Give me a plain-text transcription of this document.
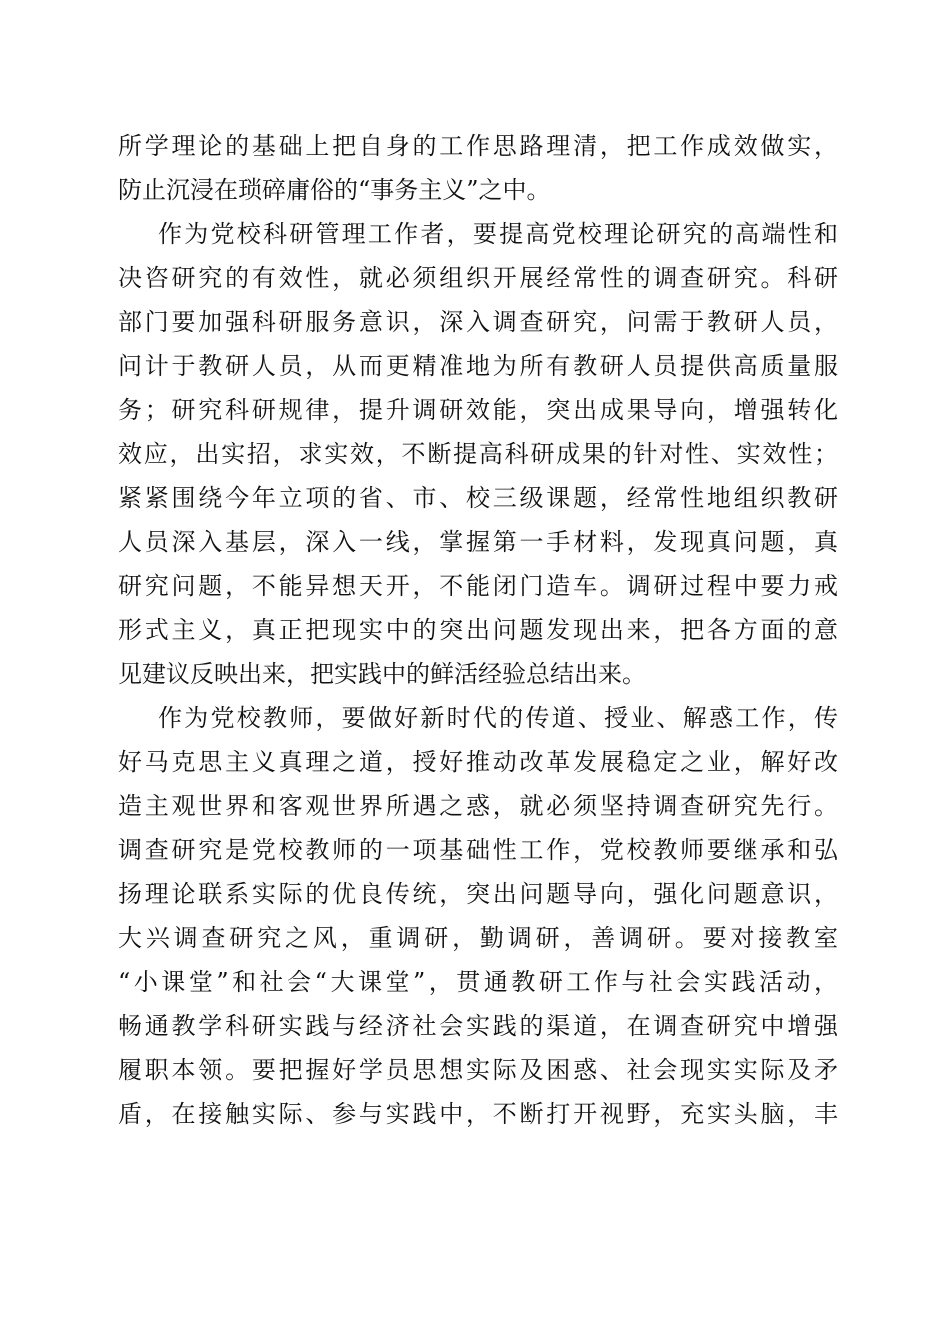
所学理论的基础上把自身的工作思路理清，把工作成效做实，
防止沉浸在琐碎庸俗的“事务主义”之中。
作为党校科研管理工作者，要提高党校理论研究的高端性和
决咨研究的有效性，就必须组织开展经常性的调查研究。科研
部门要加强科研服务意识，深入调查研究，问需于教研人员，
问计于教研人员，从而更精准地为所有教研人员提供高质量服
务；研究科研规律，提升调研效能，突出成果导向，增强转化
效应，出实招，求实效，不断提高科研成果的针对性、实效性；
紧紧围绕今年立项的省、市、校三级课题，经常性地组织教研
人员深入基层，深入一线，掌握第一手材料，发现真问题，真
研究问题，不能异想天开，不能闭门造车。调研过程中要力戒
形式主义，真正把现实中的突出问题发现出来，把各方面的意
见建议反映出来，把实践中的鲜活经验总结出来。
作为党校教师，要做好新时代的传道、授业、解惑工作，传
好马克思主义真理之道，授好推动改革发展稳定之业，解好改
造主观世界和客观世界所遇之惑，就必须坚持调查研究先行。
调查研究是党校教师的一项基础性工作，党校教师要继承和弘
扬理论联系实际的优良传统，突出问题导向，强化问题意识，
大兴调查研究之风，重调研，勤调研，善调研。要对接教室
“小课堂”和社会“大课堂”，贯通教研工作与社会实践活动，
畅通教学科研实践与经济社会实践的渠道，在调查研究中增强
履职本领。要把握好学员思想实际及困惑、社会现实实际及矛
盾，在接触实际、参与实践中，不断打开视野，充实头脑，丰
